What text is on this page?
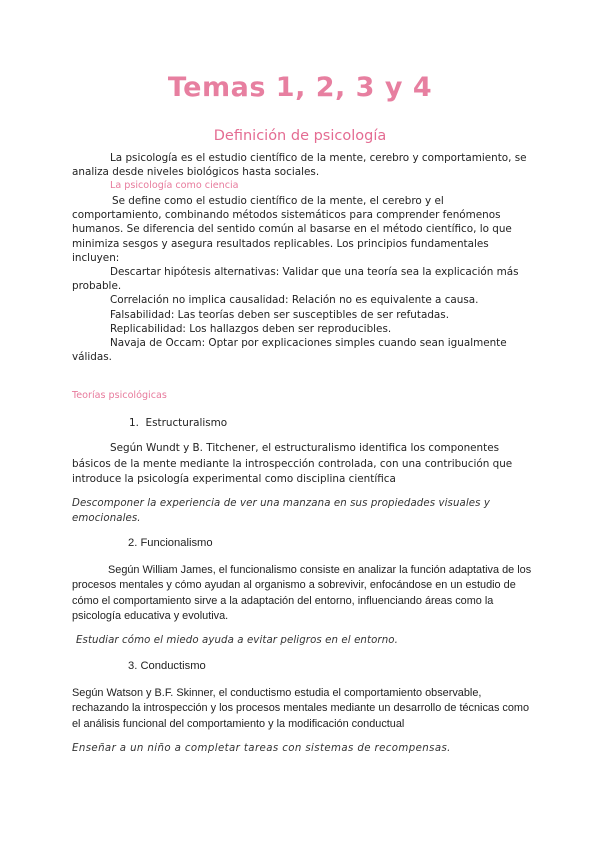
Temas 1, 2, 3 y 4
Definición de psicología

La psicología es el estudio científico de la mente, cerebro y comportamiento, se analiza desde niveles biológicos hasta sociales.

La psicología como ciencia

Se define como el estudio científico de la mente, el cerebro y el comportamiento, combinando métodos sistemáticos para comprender fenómenos humanos. Se diferencia del sentido común al basarse en el método científico, lo que minimiza sesgos y asegura resultados replicables. Los principios fundamentales incluyen:

Descartar hipótesis alternativas: Validar que una teoría sea la explicación más probable.

Correlación no implica causalidad: Relación no es equivalente a causa.

Falsabilidad: Las teorías deben ser susceptibles de ser refutadas.

Replicabilidad: Los hallazgos deben ser reproducibles.

Navaja de Occam: Optar por explicaciones simples cuando sean igualmente válidas.

Teorías psicológicas

1. Estructuralismo

Según Wundt y B. Titchener, el estructuralismo identifica los componentes básicos de la mente mediante la introspección controlada, con una contribución que introduce la psicología experimental como disciplina científica

Descomponer la experiencia de ver una manzana en sus propiedades visuales y emocionales.

2. Funcionalismo

Según William James, el funcionalismo consiste en analizar la función adaptativa de los procesos mentales y cómo ayudan al organismo a sobrevivir, enfocándose en un estudio de cómo el comportamiento sirve a la adaptación del entorno, influenciando áreas como la psicología educativa y evolutiva.

Estudiar cómo el miedo ayuda a evitar peligros en el entorno.

3. Conductismo

Según Watson y B.F. Skinner, el conductismo estudia el comportamiento observable, rechazando la introspección y los procesos mentales mediante un desarrollo de técnicas como el análisis funcional del comportamiento y la modificación conductual

Enseñar a un niño a completar tareas con sistemas de recompensas.
